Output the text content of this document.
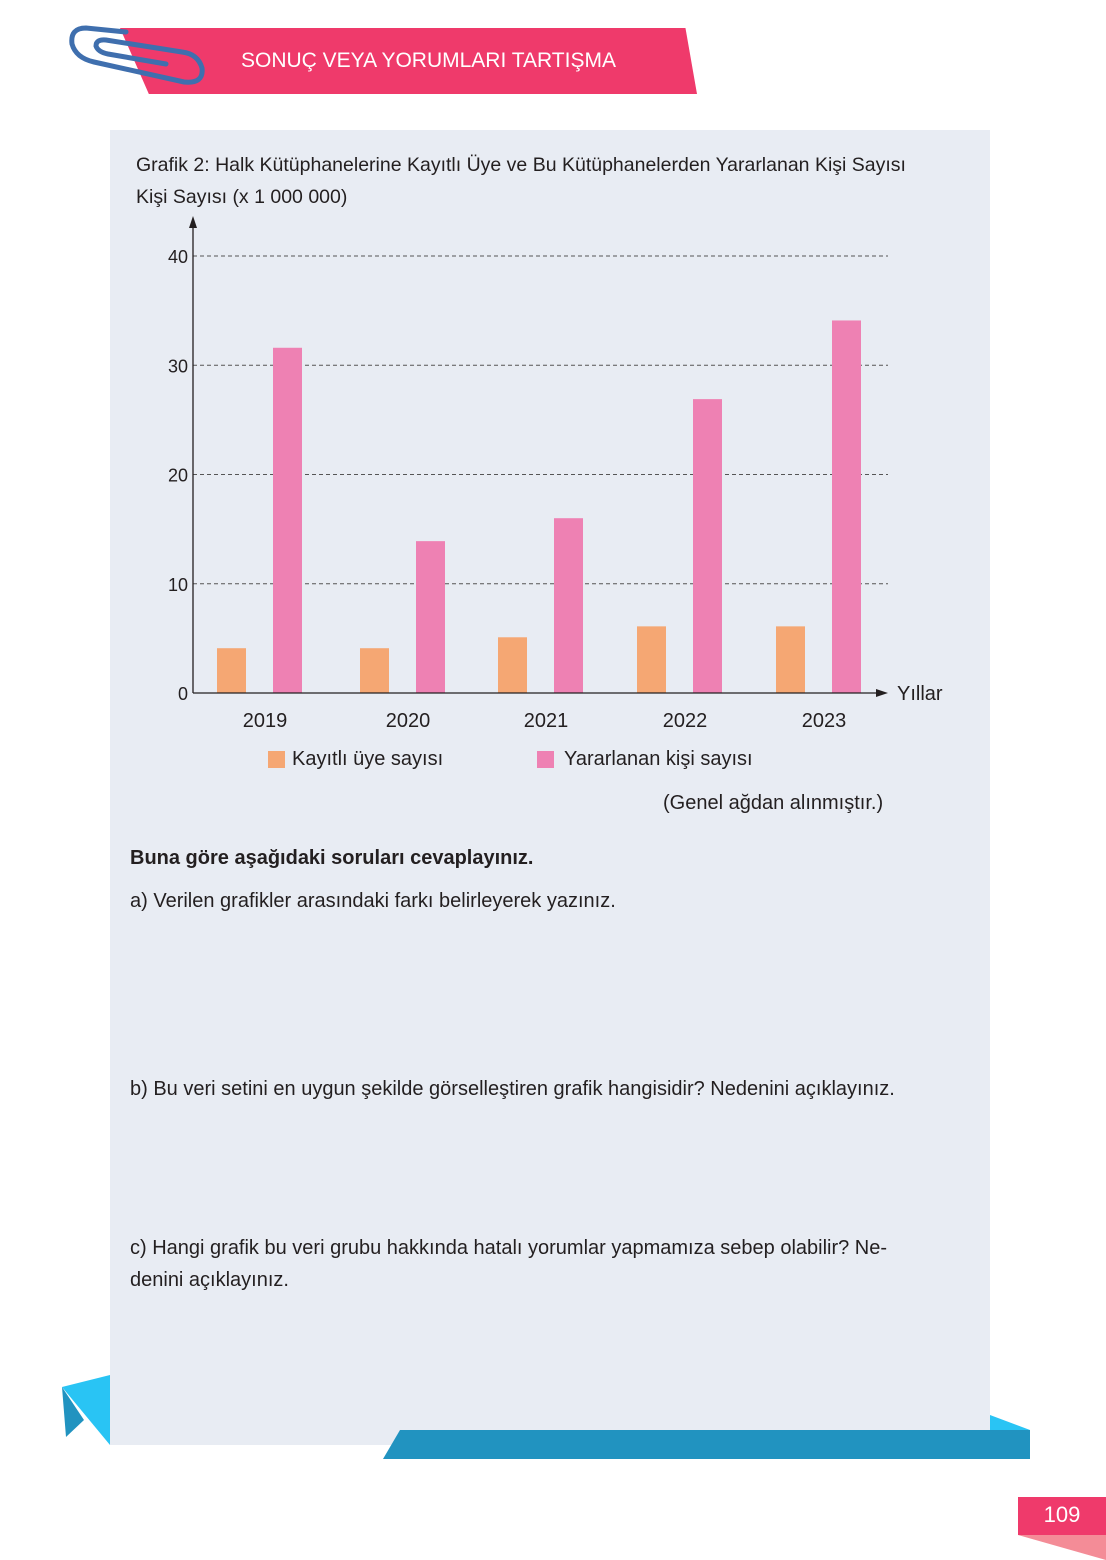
SONUÇ VEYA YORUMLARI TARTIŞMA
Grafik 2: Halk Kütüphanelerine Kayıtlı Üye ve Bu Kütüphanelerden Yararlanan Kişi Sayısı
Kişi Sayısı (x 1 000 000)
0
10
20
30
40
2019	2020	2021	2022	2023
Yıllar
Kayıtlı üye sayısı	Yararlanan kişi sayısı
(Genel ağdan alınmıştır.)
Buna göre aşağıdaki soruları cevaplayınız.
a) Verilen grafikler arasındaki farkı belirleyerek yazınız.
b) Bu veri setini en uygun şekilde görselleştiren grafik hangisidir? Nedenini açıklayınız.
c) Hangi grafik bu veri grubu hakkında hatalı yorumlar yapmamıza sebep olabilir? Ne-
denini açıklayınız.
109
